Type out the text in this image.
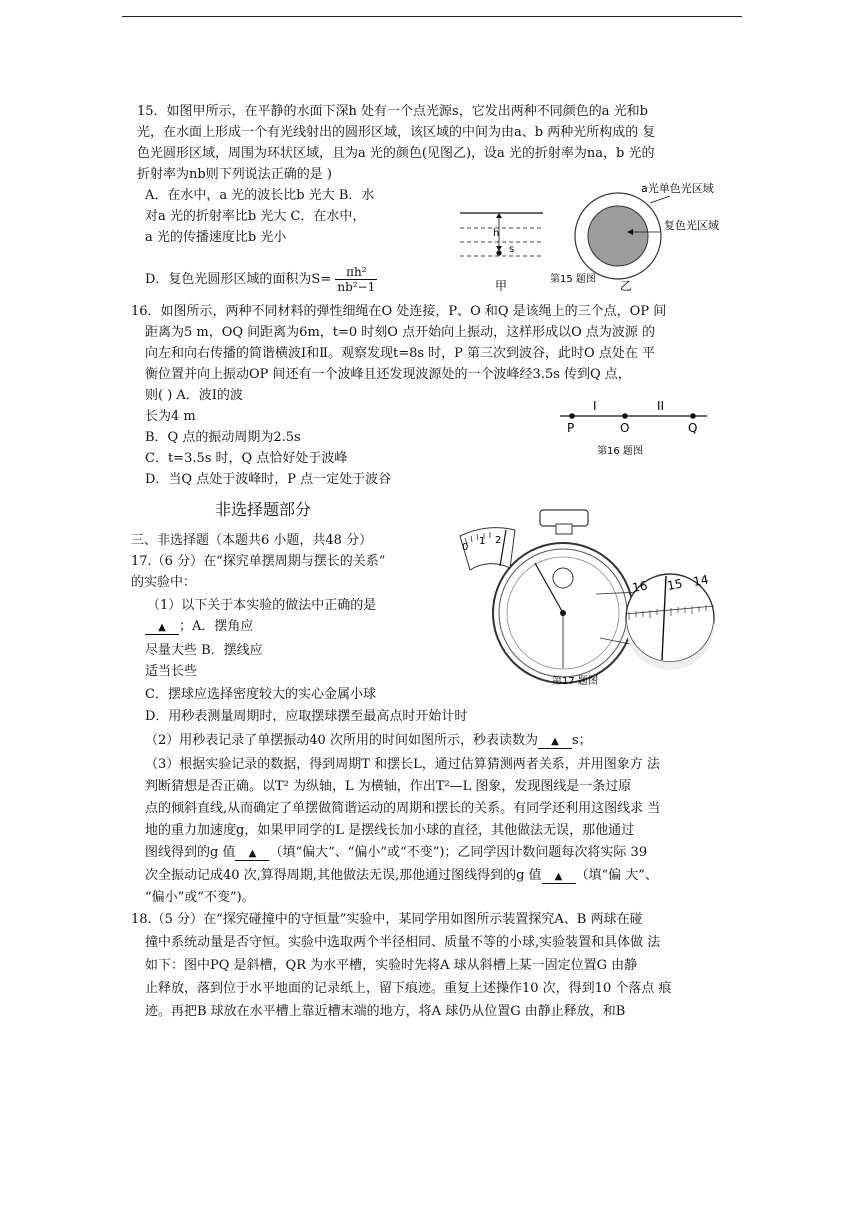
15．如图甲所示，在平静的水面下深h 处有一个点光源s，它发出两种不同颜色的a 光和b
光，在水面上形成一个有光线射出的圆形区域，该区域的中间为由a、b 两种光所构成的 复
色光圆形区域，周围为环状区域，且为a 光的颜色(见图乙)，设a 光的折射率为na，b 光的
折射率为nb则下列说法正确的是 )
A．在水中，a 光的波长比b 光大 B．水
对a 光的折射率比b 光大 C．在水中，
a 光的传播速度比b 光小
D．复色光圆形区域的面积为$S= \frac{\text{πh²}}{\text{nb²−1}}$
h
s
甲	第15 题图
a光单色光区域
复色光区域
乙
16．如图所示，两种不同材料的弹性细绳在O 处连接，P、O 和Q 是该绳上的三个点，OP 间
距离为5 m，OQ 间距离为6m，t=0 时刻O 点开始向上振动，这样形成以O 点为波源 的
向左和向右传播的简谐横波Ⅰ和Ⅱ。观察发现t=8s 时，P 第三次到波谷，此时O 点处在 平
衡位置并向上振动OP 间还有一个波峰且还发现波源处的一个波峰经3.5s 传到Q 点，
则( ) A．波Ⅰ的波
长为4 m
B．Q 点的振动周期为2.5s
C．t=3.5s 时，Q 点恰好处于波峰
D．当Q 点处于波峰时，P 点一定处于波谷
I	II
P	O	Q
第16 题图
非选择题部分
三、非选择题（本题共6 小题，共48 分）
17.（6 分）在“探究单摆周期与摆长的关系”
的实验中：
（1）以下关于本实验的做法中正确的是
▲ ；A．摆角应
尽量大些 B．摆线应
适当长些
C．摆球应选择密度较大的实心金属小球
D．用秒表测量周期时，应取摆球摆至最高点时开始计时
（2）用秒表记录了单摆振动40 次所用的时间如图所示，秒表读数为 ▲ s；
（3）根据实验记录的数据，得到周期T 和摆长L，通过估算猜测两者关系，并用图象方 法
判断猜想是否正确。以T² 为纵轴，L 为横轴，作出T²—L 图象，发现图线是一条过原
点的倾斜直线,从而确定了单摆做简谐运动的周期和摆长的关系。有同学还利用这图线求 当
地的重力加速度g，如果甲同学的L 是摆线长加小球的直径，其他做法无误，那他通过
图线得到的g 值 ▲ （填“偏大”、“偏小”或“不变”)；乙同学因计数问题每次将实际 39
次全振动记成40 次,算得周期,其他做法无误,那他通过图线得到的g 值 ▲ （填“偏 大”、
“偏小”或“不变”)。
0
1 2
16 15 14
第17 题图
18.（5 分）在“探究碰撞中的守恒量”实验中，某同学用如图所示装置探究A、B 两球在碰
撞中系统动量是否守恒。实验中选取两个半径相同、质量不等的小球,实验装置和具体做 法
如下：图中PQ 是斜槽，QR 为水平槽，实验时先将A 球从斜槽上某一固定位置G 由静
止释放，落到位于水平地面的记录纸上，留下痕迹。重复上述操作10 次，得到10 个落点 痕
迹。再把B 球放在水平槽上靠近槽末端的地方，将A 球仍从位置G 由静止释放，和B
